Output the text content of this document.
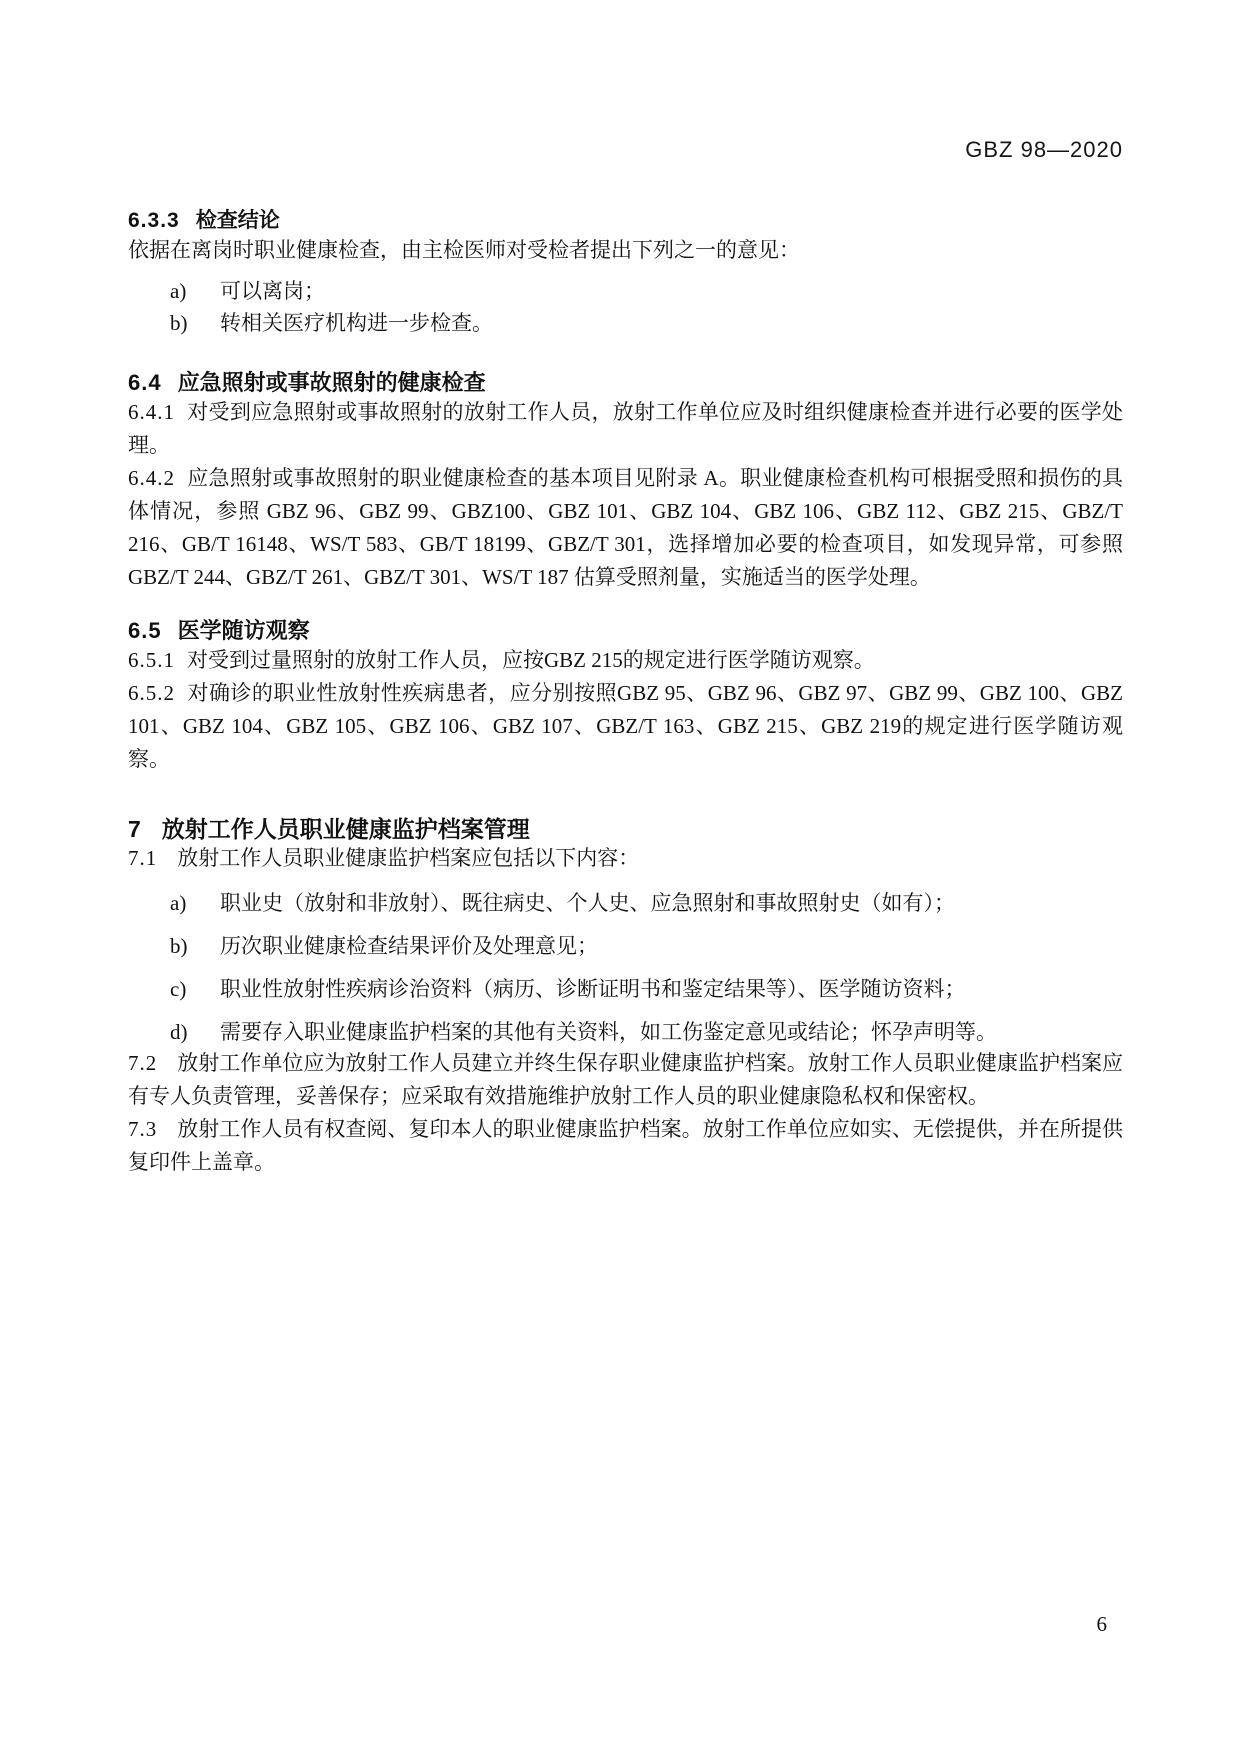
GBZ 98—2020
6.3.3 检查结论

依据在离岗时职业健康检查，由主检医师对受检者提出下列之一的意见：

a) 可以离岗；
b) 转相关医疗机构进一步检查。
6.4 应急照射或事故照射的健康检查

6.4.1 对受到应急照射或事故照射的放射工作人员，放射工作单位应及时组织健康检查并进行必要的医学处理。

6.4.2 应急照射或事故照射的职业健康检查的基本项目见附录 A。职业健康检查机构可根据受照和损伤的具体情况，参照 GBZ 96、GBZ 99、GBZ100、GBZ 101、GBZ 104、GBZ 106、GBZ 112、GBZ 215、GBZ/T 216、GB/T 16148、WS/T 583、GB/T 18199、GBZ/T 301，选择增加必要的检查项目，如发现异常，可参照 GBZ/T 244、GBZ/T 261、GBZ/T 301、WS/T 187 估算受照剂量，实施适当的医学处理。

6.5 医学随访观察

6.5.1 对受到过量照射的放射工作人员，应按GBZ 215的规定进行医学随访观察。

6.5.2 对确诊的职业性放射性疾病患者，应分别按照GBZ 95、GBZ 96、GBZ 97、GBZ 99、GBZ 100、GBZ 101、GBZ 104、GBZ 105、GBZ 106、GBZ 107、GBZ/T 163、GBZ 215、GBZ 219的规定进行医学随访观察。

7 放射工作人员职业健康监护档案管理

7.1 放射工作人员职业健康监护档案应包括以下内容：

a) 职业史（放射和非放射）、既往病史、个人史、应急照射和事故照射史（如有）；
b) 历次职业健康检查结果评价及处理意见；
c) 职业性放射性疾病诊治资料（病历、诊断证明书和鉴定结果等）、医学随访资料；
d) 需要存入职业健康监护档案的其他有关资料，如工伤鉴定意见或结论；怀孕声明等。

7.2 放射工作单位应为放射工作人员建立并终生保存职业健康监护档案。放射工作人员职业健康监护档案应有专人负责管理，妥善保存；应采取有效措施维护放射工作人员的职业健康隐私权和保密权。

7.3 放射工作人员有权查阅、复印本人的职业健康监护档案。放射工作单位应如实、无偿提供，并在所提供复印件上盖章。

6
